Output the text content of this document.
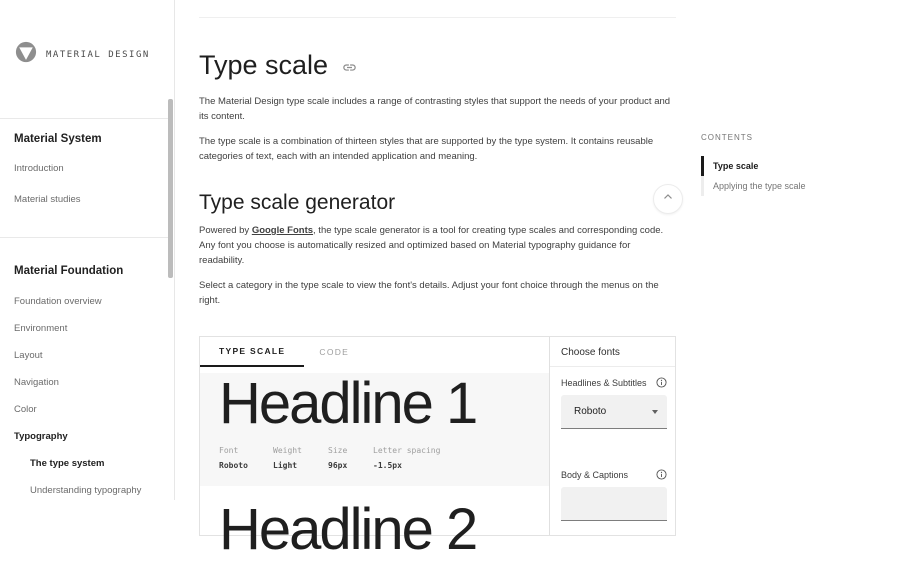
MATERIAL DESIGN
Material System
Introduction
Material studies
Material Foundation
Foundation overview
Environment
Layout
Navigation
Color
Typography
The type system
Understanding typography
Type scale

The Material Design type scale includes a range of contrasting styles that support the needs of your product and its content.

The type scale is a combination of thirteen styles that are supported by the type system. It contains reusable categories of text, each with an intended application and meaning.

Type scale generator

Powered by Google Fonts, the type scale generator is a tool for creating type scales and corresponding code. Any font you choose is automatically resized and optimized based on Material typography guidance for readability.

Select a category in the type scale to view the font's details. Adjust your font choice through the menus on the right.

TYPE SCALE	CODE
Headline 1
Font
Roboto
Weight
Light
Size
96px
Letter spacing
-1.5px
Headline 2
Choose fonts
Headlines & Subtitles
Roboto
Body & Captions
CONTENTS
Type scale
Applying the type scale
